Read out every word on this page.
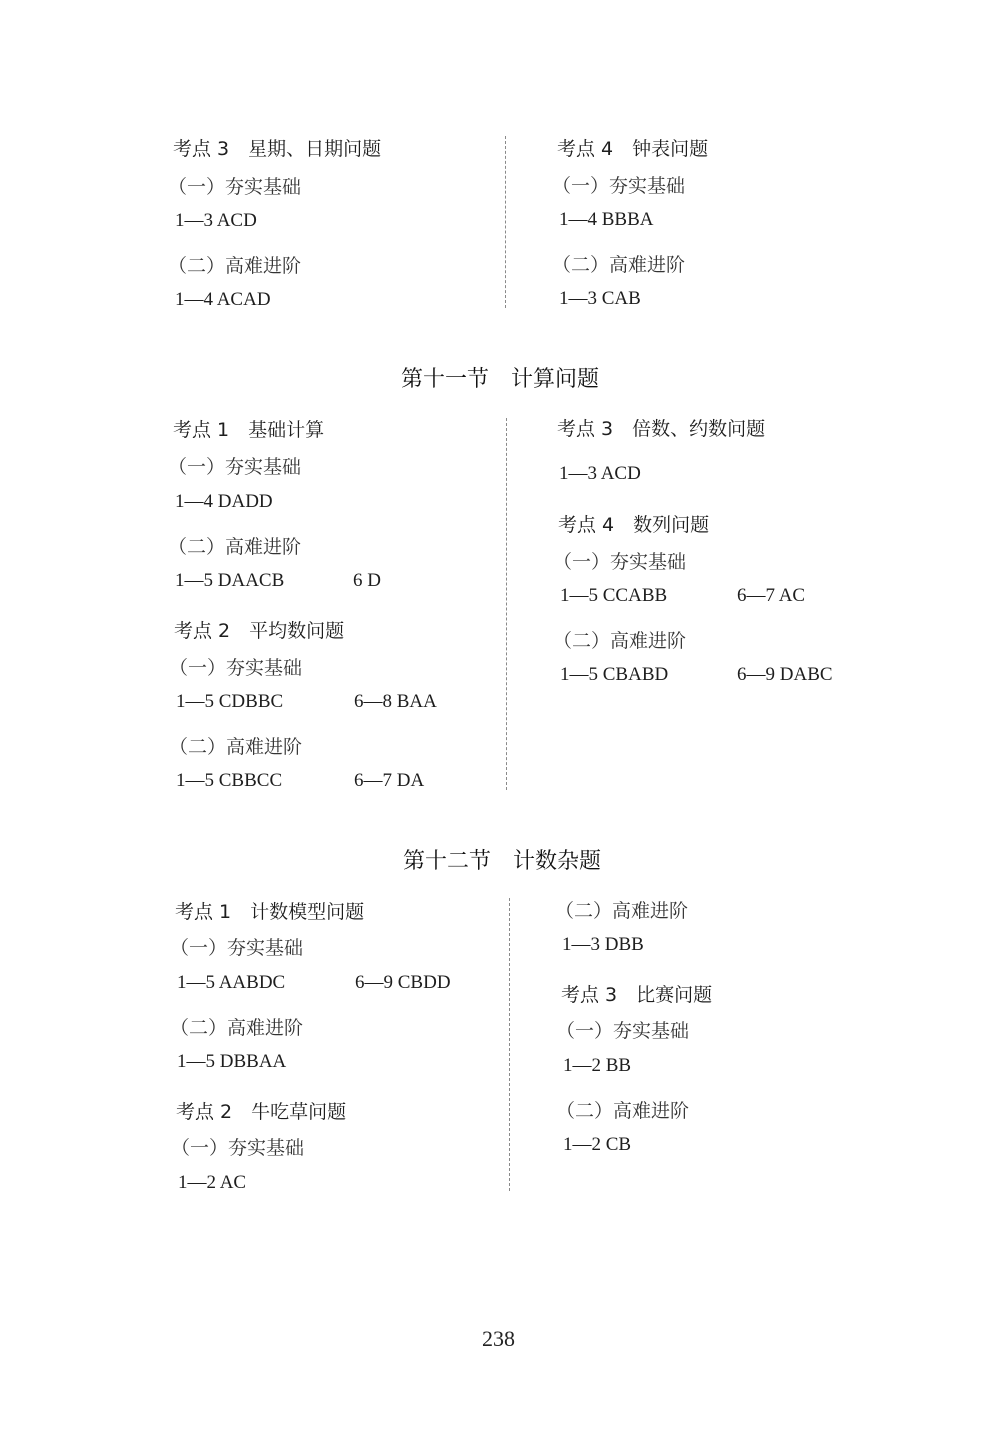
考点 3　星期、日期问题
（一）夯实基础
1—3 ACD
（二）高难进阶
1—4 ACAD
考点 4　钟表问题
（一）夯实基础
1—4 BBBA
（二）高难进阶
1—3 CAB
第十一节　计算问题
考点 1　基础计算
（一）夯实基础
1—4 DADD
（二）高难进阶
1—5 DAACB	6 D
考点 2　平均数问题
（一）夯实基础
1—5 CDBBC	6—8 BAA
（二）高难进阶
1—5 CBBCC	6—7 DA
考点 3　倍数、约数问题
1—3 ACD
考点 4　数列问题
（一）夯实基础
1—5 CCABB	6—7 AC
（二）高难进阶
1—5 CBABD	6—9 DABC
第十二节　计数杂题
考点 1　计数模型问题
（一）夯实基础
1—5 AABDC	6—9 CBDD
（二）高难进阶
1—5 DBBAA
考点 2　牛吃草问题
（一）夯实基础
1—2 AC
（二）高难进阶
1—3 DBB
考点 3　比赛问题
（一）夯实基础
1—2 BB
（二）高难进阶
1—2 CB
238
